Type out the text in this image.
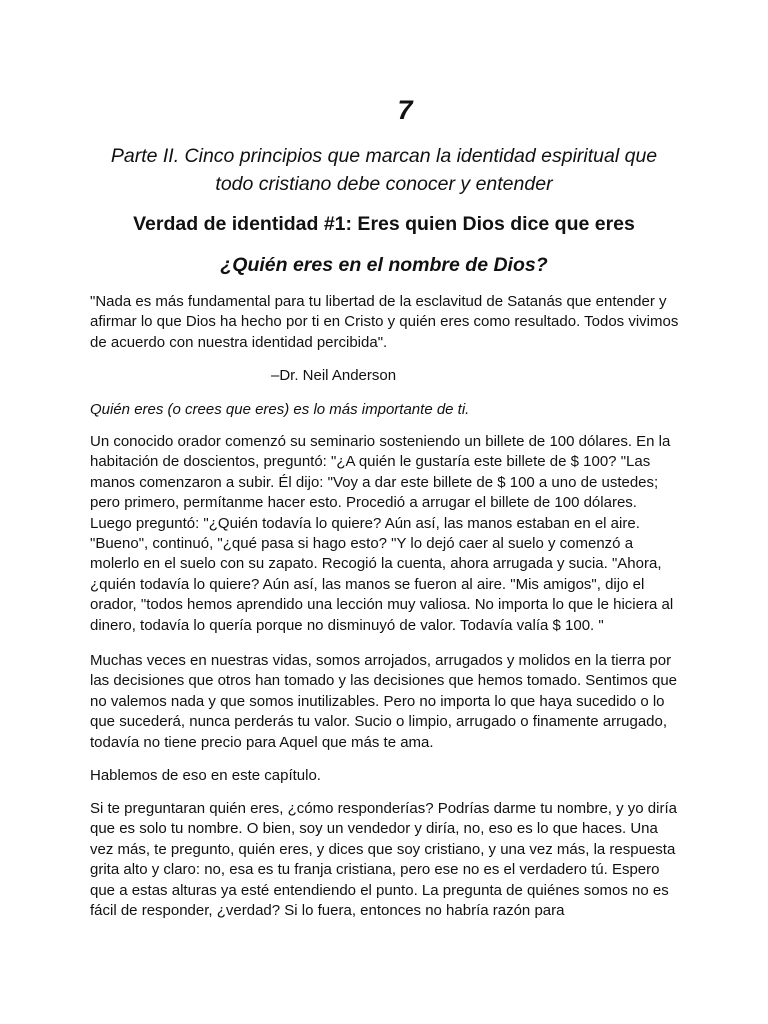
7
Parte II. Cinco principios que marcan la identidad espiritual que todo cristiano debe conocer y entender
Verdad de identidad #1: Eres quien Dios dice que eres
¿Quién eres en el nombre de Dios?

"Nada es más fundamental para tu libertad de la esclavitud de Satanás que entender y afirmar lo que Dios ha hecho por ti en Cristo y quién eres como resultado. Todos vivimos de acuerdo con nuestra identidad percibida".

–Dr. Neil Anderson

Quién eres (o crees que eres) es lo más importante de ti.

Un conocido orador comenzó su seminario sosteniendo un billete de 100 dólares. En la habitación de doscientos, preguntó: "¿A quién le gustaría este billete de $ 100? "Las manos comenzaron a subir. Él dijo: "Voy a dar este billete de $ 100 a uno de ustedes; pero primero, permítanme hacer esto. Procedió a arrugar el billete de 100 dólares. Luego preguntó: "¿Quién todavía lo quiere? Aún así, las manos estaban en el aire. "Bueno", continuó, "¿qué pasa si hago esto? "Y lo dejó caer al suelo y comenzó a molerlo en el suelo con su zapato. Recogió la cuenta, ahora arrugada y sucia. "Ahora, ¿quién todavía lo quiere? Aún así, las manos se fueron al aire. "Mis amigos", dijo el orador, "todos hemos aprendido una lección muy valiosa. No importa lo que le hiciera al dinero, todavía lo quería porque no disminuyó de valor. Todavía valía $ 100. "

Muchas veces en nuestras vidas, somos arrojados, arrugados y molidos en la tierra por las decisiones que otros han tomado y las decisiones que hemos tomado. Sentimos que no valemos nada y que somos inutilizables. Pero no importa lo que haya sucedido o lo que sucederá, nunca perderás tu valor. Sucio o limpio, arrugado o finamente arrugado, todavía no tiene precio para Aquel que más te ama.

Hablemos de eso en este capítulo.

Si te preguntaran quién eres, ¿cómo responderías? Podrías darme tu nombre, y yo diría que es solo tu nombre. O bien, soy un vendedor y diría, no, eso es lo que haces. Una vez más, te pregunto, quién eres, y dices que soy cristiano, y una vez más, la respuesta grita alto y claro: no, esa es tu franja cristiana, pero ese no es el verdadero tú. Espero que a estas alturas ya esté entendiendo el punto. La pregunta de quiénes somos no es fácil de responder, ¿verdad? Si lo fuera, entonces no habría razón para
